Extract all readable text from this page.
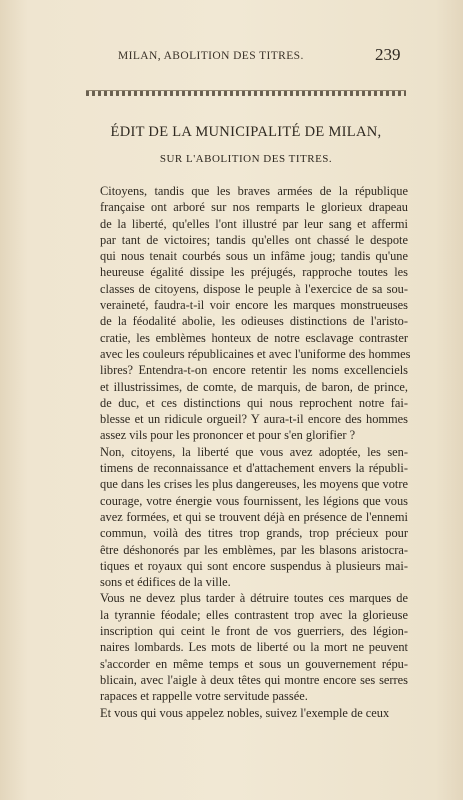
MILAN, ABOLITION DES TITRES.	239
ÉDIT DE LA MUNICIPALITÉ DE MILAN,
SUR L'ABOLITION DES TITRES.

Citoyens, tandis que les braves armées de la république
française ont arboré sur nos remparts le glorieux drapeau
de la liberté, qu'elles l'ont illustré par leur sang et affermi
par tant de victoires; tandis qu'elles ont chassé le despote
qui nous tenait courbés sous un infâme joug; tandis qu'une
heureuse égalité dissipe les préjugés, rapproche toutes les
classes de citoyens, dispose le peuple à l'exercice de sa sou-
veraineté, faudra-t-il voir encore les marques monstrueuses
de la féodalité abolie, les odieuses distinctions de l'aristo-
cratie, les emblèmes honteux de notre esclavage contraster
avec les couleurs républicaines et avec l'uniforme des hommes
libres? Entendra-t-on encore retentir les noms excellenciels
et illustrissimes, de comte, de marquis, de baron, de prince,
de duc, et ces distinctions qui nous reprochent notre fai-
blesse et un ridicule orgueil? Y aura-t-il encore des hommes
assez vils pour les prononcer et pour s'en glorifier ?

Non, citoyens, la liberté que vous avez adoptée, les sen-
timens de reconnaissance et d'attachement envers la républi-
que dans les crises les plus dangereuses, les moyens que votre
courage, votre énergie vous fournissent, les légions que vous
avez formées, et qui se trouvent déjà en présence de l'ennemi
commun, voilà des titres trop grands, trop précieux pour
être déshonorés par les emblèmes, par les blasons aristocra-
tiques et royaux qui sont encore suspendus à plusieurs mai-
sons et édifices de la ville.

Vous ne devez plus tarder à détruire toutes ces marques de
la tyrannie féodale; elles contrastent trop avec la glorieuse
inscription qui ceint le front de vos guerriers, des légion-
naires lombards. Les mots de liberté ou la mort ne peuvent
s'accorder en même temps et sous un gouvernement répu-
blicain, avec l'aigle à deux têtes qui montre encore ses serres
rapaces et rappelle votre servitude passée.

Et vous qui vous appelez nobles, suivez l'exemple de ceux
